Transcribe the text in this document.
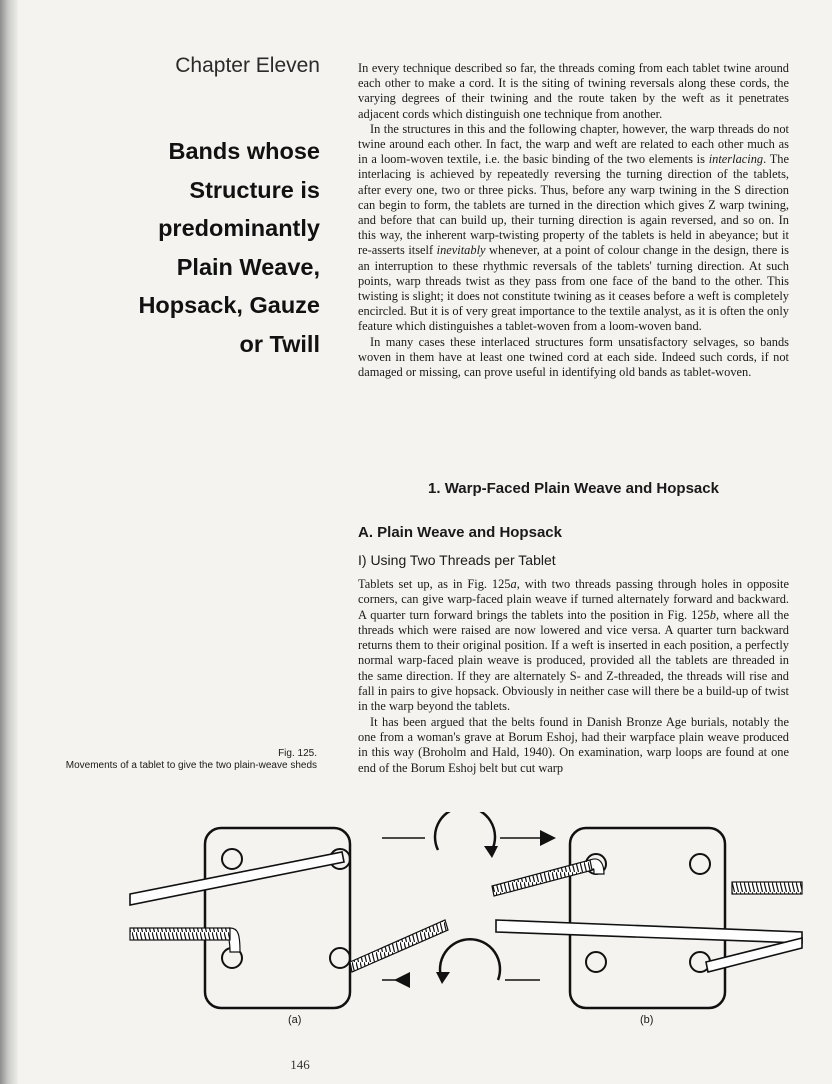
Chapter Eleven
Bands whose
Structure is
predominantly
Plain Weave,
Hopsack, Gauze
or Twill

In every technique described so far, the threads coming from each tablet twine around each other to make a cord. It is the siting of twining reversals along these cords, the varying degrees of their twining and the route taken by the weft as it penetrates adjacent cords which distinguish one technique from another.

In the structures in this and the following chapter, however, the warp threads do not twine around each other. In fact, the warp and weft are related to each other much as in a loom-woven textile, i.e. the basic binding of the two elements is interlacing. The interlacing is achieved by repeatedly reversing the turning direction of the tablets, after every one, two or three picks. Thus, before any warp twining in the S direction can begin to form, the tablets are turned in the direction which gives Z warp twining, and before that can build up, their turning direction is again reversed, and so on. In this way, the inherent warp-twisting property of the tablets is held in abeyance; but it re-asserts itself inevitably whenever, at a point of colour change in the design, there is an interruption to these rhythmic reversals of the tablets' turning direction. At such points, warp threads twist as they pass from one face of the band to the other. This twisting is slight; it does not constitute twining as it ceases before a weft is completely encircled. But it is of very great importance to the textile analyst, as it is often the only feature which distinguishes a tablet-woven from a loom-woven band.

In many cases these interlaced structures form unsatisfactory selvages, so bands woven in them have at least one twined cord at each side. Indeed such cords, if not damaged or missing, can prove useful in identifying old bands as tablet-woven.

1. Warp-Faced Plain Weave and Hopsack
A. Plain Weave and Hopsack
I) Using Two Threads per Tablet

Tablets set up, as in Fig. 125a, with two threads passing through holes in opposite corners, can give warp-faced plain weave if turned alternately forward and backward. A quarter turn forward brings the tablets into the position in Fig. 125b, where all the threads which were raised are now lowered and vice versa. A quarter turn backward returns them to their original position. If a weft is inserted in each position, a perfectly normal warp-faced plain weave is produced, provided all the tablets are threaded in the same direction. If they are alternately S- and Z-threaded, the threads will rise and fall in pairs to give hopsack. Obviously in neither case will there be a build-up of twist in the warp beyond the tablets.

It has been argued that the belts found in Danish Bronze Age burials, notably the one from a woman's grave at Borum Eshoj, had their warpface plain weave produced in this way (Broholm and Hald, 1940). On examination, warp loops are found at one end of the Borum Eshoj belt but cut warp

Fig. 125.
Movements of a tablet to give the two plain-weave sheds
(a)	(b)
146
